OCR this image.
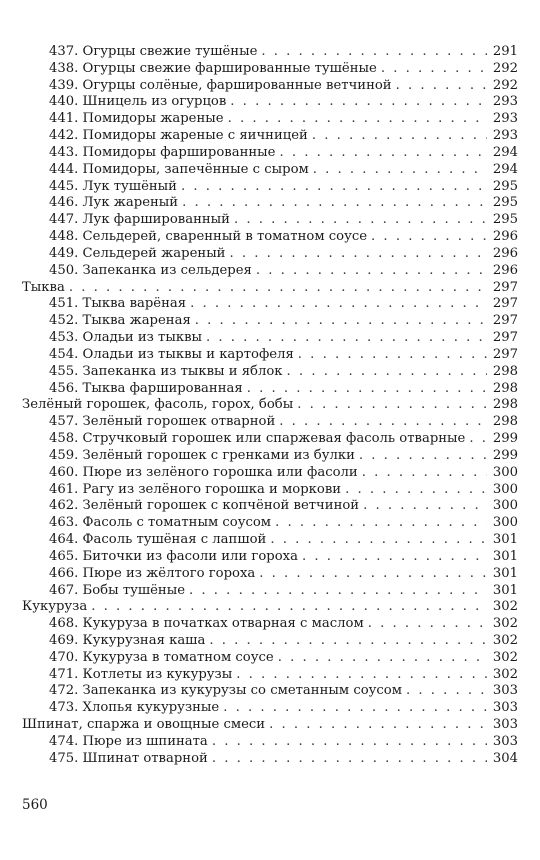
437. Огурцы свежие тушёные . . .	291
438. Огурцы свежие фаршированные тушёные . . .	292
439. Огурцы солёные, фаршированные ветчиной . . .	292
440. Шницель из огурцов . . .	293
441. Помидоры жареные . . .	293
442. Помидоры жареные с яичницей . . .	293
443. Помидоры фаршированные . . .	294
444. Помидоры, запечённые с сыром . . .	294
445. Лук тушёный . . .	295
446. Лук жареный . . .	295
447. Лук фаршированный . . .	295
448. Сельдерей, сваренный в томатном соусе . . .	296
449. Сельдерей жареный . . .	296
450. Запеканка из сельдерея . . .	296
Тыква . . .	297
451. Тыква варёная . . .	297
452. Тыква жареная . . .	297
453. Оладьи из тыквы . . .	297
454. Оладьи из тыквы и картофеля . . .	297
455. Запеканка из тыквы и яблок . . .	298
456. Тыква фаршированная . . .	298
Зелёный горошек, фасоль, горох, бобы . . .	298
457. Зелёный горошек отварной . . .	298
458. Стручковый горошек или спаржевая фасоль отварные . . . 299
459. Зелёный горошек с гренками из булки . . .	299
460. Пюре из зелёного горошка или фасоли . . .	300
461. Рагу из зелёного горошка и моркови . . .	300
462. Зелёный горошек с копчёной ветчиной . . .	300
463. Фасоль с томатным соусом . . .	300
464. Фасоль тушёная с лапшой . . .	301
465. Биточки из фасоли или гороха . . .	301
466. Пюре из жёлтого гороха . . .	301
467. Бобы тушёные . . .	301
Кукуруза . . .	302
468. Кукуруза в початках отварная с маслом . . .	302
469. Кукурузная каша . . .	302
470. Кукуруза в томатном соусе . . .	302
471. Котлеты из кукурузы . . .	302
472. Запеканка из кукурузы со сметанным соусом . . .	303
473. Хлопья кукурузные . . .	303
Шпинат, спаржа и овощные смеси . . .	303
474. Пюре из шпината . . .	303
475. Шпинат отварной . . .	304
560
